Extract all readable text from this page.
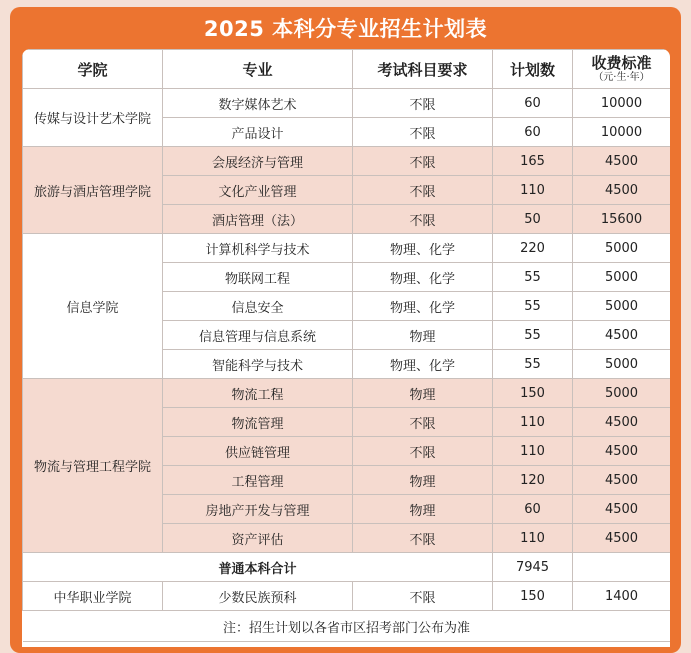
2025 本科分专业招生计划表
学院	专业	考试科目要求	计划数	收费标准
（元·生·年）

传媒与设计艺术学院	数字媒体艺术	不限	60	10000
	产品设计	不限	60	10000
旅游与酒店管理学院	会展经济与管理	不限	165	4500
	文化产业管理	不限	110	4500
	酒店管理（法）	不限	50	15600
信息学院	计算机科学与技术	物理、化学	220	5000
	物联网工程	物理、化学	55	5000
	信息安全	物理、化学	55	5000
	信息管理与信息系统	物理	55	4500
	智能科学与技术	物理、化学	55	5000
物流与管理工程学院	物流工程	物理	150	5000
	物流管理	不限	110	4500
	供应链管理	不限	110	4500
	工程管理	物理	120	4500
	房地产开发与管理	物理	60	4500
	资产评估	不限	110	4500
普通本科合计			7945	
中华职业学院	少数民族预科	不限	150	1400
注：招生计划以各省市区招考部门公布为准				
